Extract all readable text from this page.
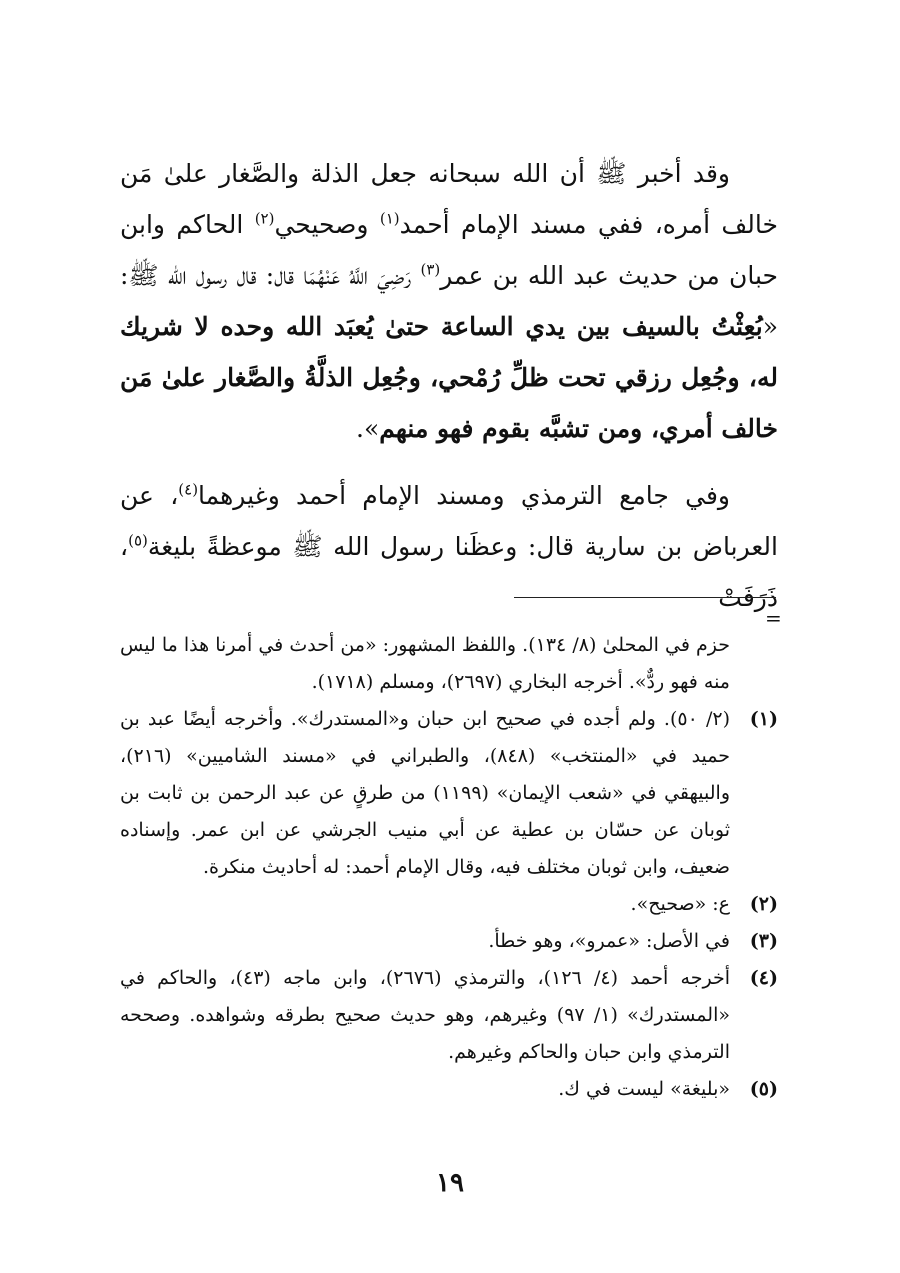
وقد أخبر ﷺ أن الله سبحانه جعل الذلة والصَّغار علىٰ مَن خالف أمره، ففي مسند الإمام أحمد$^{(١)}$ وصحيحي$^{(٢)}$ الحاكم وابن حبان من حديث عبد الله بن عمر$^{(٣)}$ رَضِيَ اللَّهُ عَنْهُمَا قال: قال رسول الله ﷺ: «بُعِثْتُ بالسيف بين يدي الساعة حتىٰ يُعبَد الله وحده لا شريك له، وجُعِل رزقي تحت ظلِّ رُمْحي، وجُعِل الذلَّةُ والصَّغار علىٰ مَن خالف أمري، ومن تشبَّه بقوم فهو منهم».

وفي جامع الترمذي ومسند الإمام أحمد وغيرهما$^{(٤)}$، عن العرباض بن سارية قال: وعظَنا رسول الله ﷺ موعظةً بليغة$^{(٥)}$، ذَرَفَتْ

=

حزم في المحلىٰ (٨/ ١٣٤). واللفظ المشهور: «من أحدث في أمرنا هذا ما ليس منه فهو ردٌّ». أخرجه البخاري (٢٦٩٧)، ومسلم (١٧١٨).

(١)
(٢/ ٥٠). ولم أجده في صحيح ابن حبان و«المستدرك». وأخرجه أيضًا عبد بن حميد في «المنتخب» (٨٤٨)، والطبراني في «مسند الشاميين» (٢١٦)، والبيهقي في «شعب الإيمان» (١١٩٩) من طرقٍ عن عبد الرحمن بن ثابت بن ثوبان عن حسّان بن عطية عن أبي منيب الجرشي عن ابن عمر. وإسناده ضعيف، وابن ثوبان مختلف فيه، وقال الإمام أحمد: له أحاديث منكرة.
(٢)
ع: «صحيح».
(٣)
في الأصل: «عمرو»، وهو خطأ.
(٤)
أخرجه أحمد (٤/ ١٢٦)، والترمذي (٢٦٧٦)، وابن ماجه (٤٣)، والحاكم في «المستدرك» (١/ ٩٧) وغيرهم، وهو حديث صحيح بطرقه وشواهده. وصححه الترمذي وابن حبان والحاكم وغيرهم.
(٥)
«بليغة» ليست في ك.
١٩
